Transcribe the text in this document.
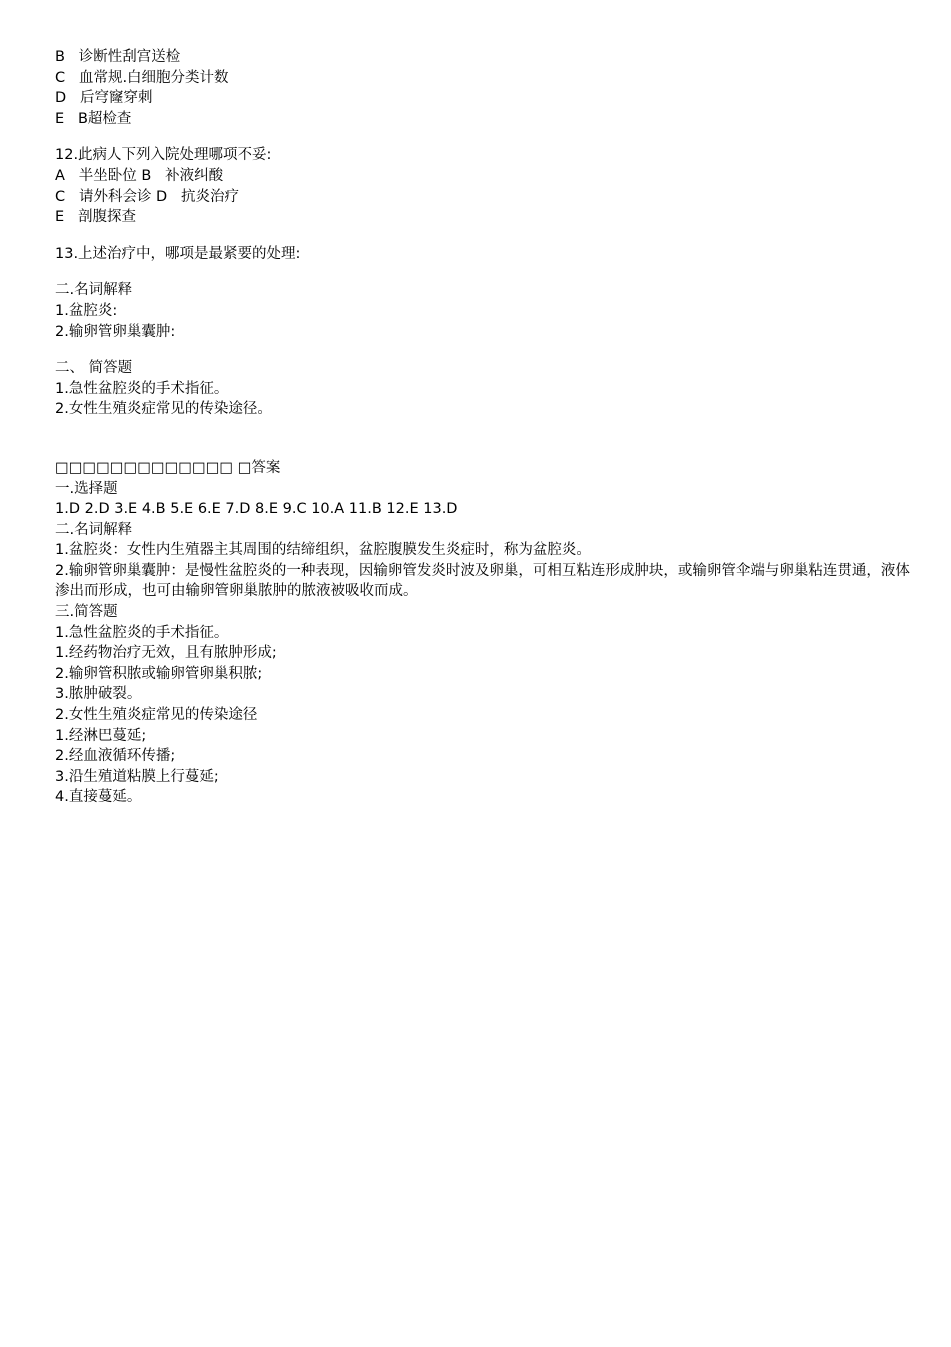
B   诊断性刮宫送检

C   血常规.白细胞分类计数

D   后穹窿穿刺

E   B超检查

12.此病人下列入院处理哪项不妥:

A   半坐卧位 B   补液纠酸

C   请外科会诊 D   抗炎治疗

E   剖腹探查

13.上述治疗中，哪项是最紧要的处理:

二.名词解释

1.盆腔炎:

2.输卵管卵巢囊肿:

二、 简答题

1.急性盆腔炎的手术指征。

2.女性生殖炎症常见的传染途径。

□□□□□□□□□□□□□ □答案

一.选择题

1.D 2.D 3.E 4.B 5.E 6.E 7.D 8.E 9.C 10.A 11.B 12.E 13.D

二.名词解释

1.盆腔炎：女性内生殖器主其周围的结缔组织，盆腔腹膜发生炎症时，称为盆腔炎。

2.输卵管卵巢囊肿：是慢性盆腔炎的一种表现，因输卵管发炎时波及卵巢，可相互粘连形成肿块，或输卵管伞端与卵巢粘连贯通，液体渗出而形成，也可由输卵管卵巢脓肿的脓液被吸收而成。

三.简答题

1.急性盆腔炎的手术指征。

1.经药物治疗无效，且有脓肿形成;

2.输卵管积脓或输卵管卵巢积脓;

3.脓肿破裂。

2.女性生殖炎症常见的传染途径

1.经淋巴蔓延;

2.经血液循环传播;

3.沿生殖道粘膜上行蔓延;

4.直接蔓延。
